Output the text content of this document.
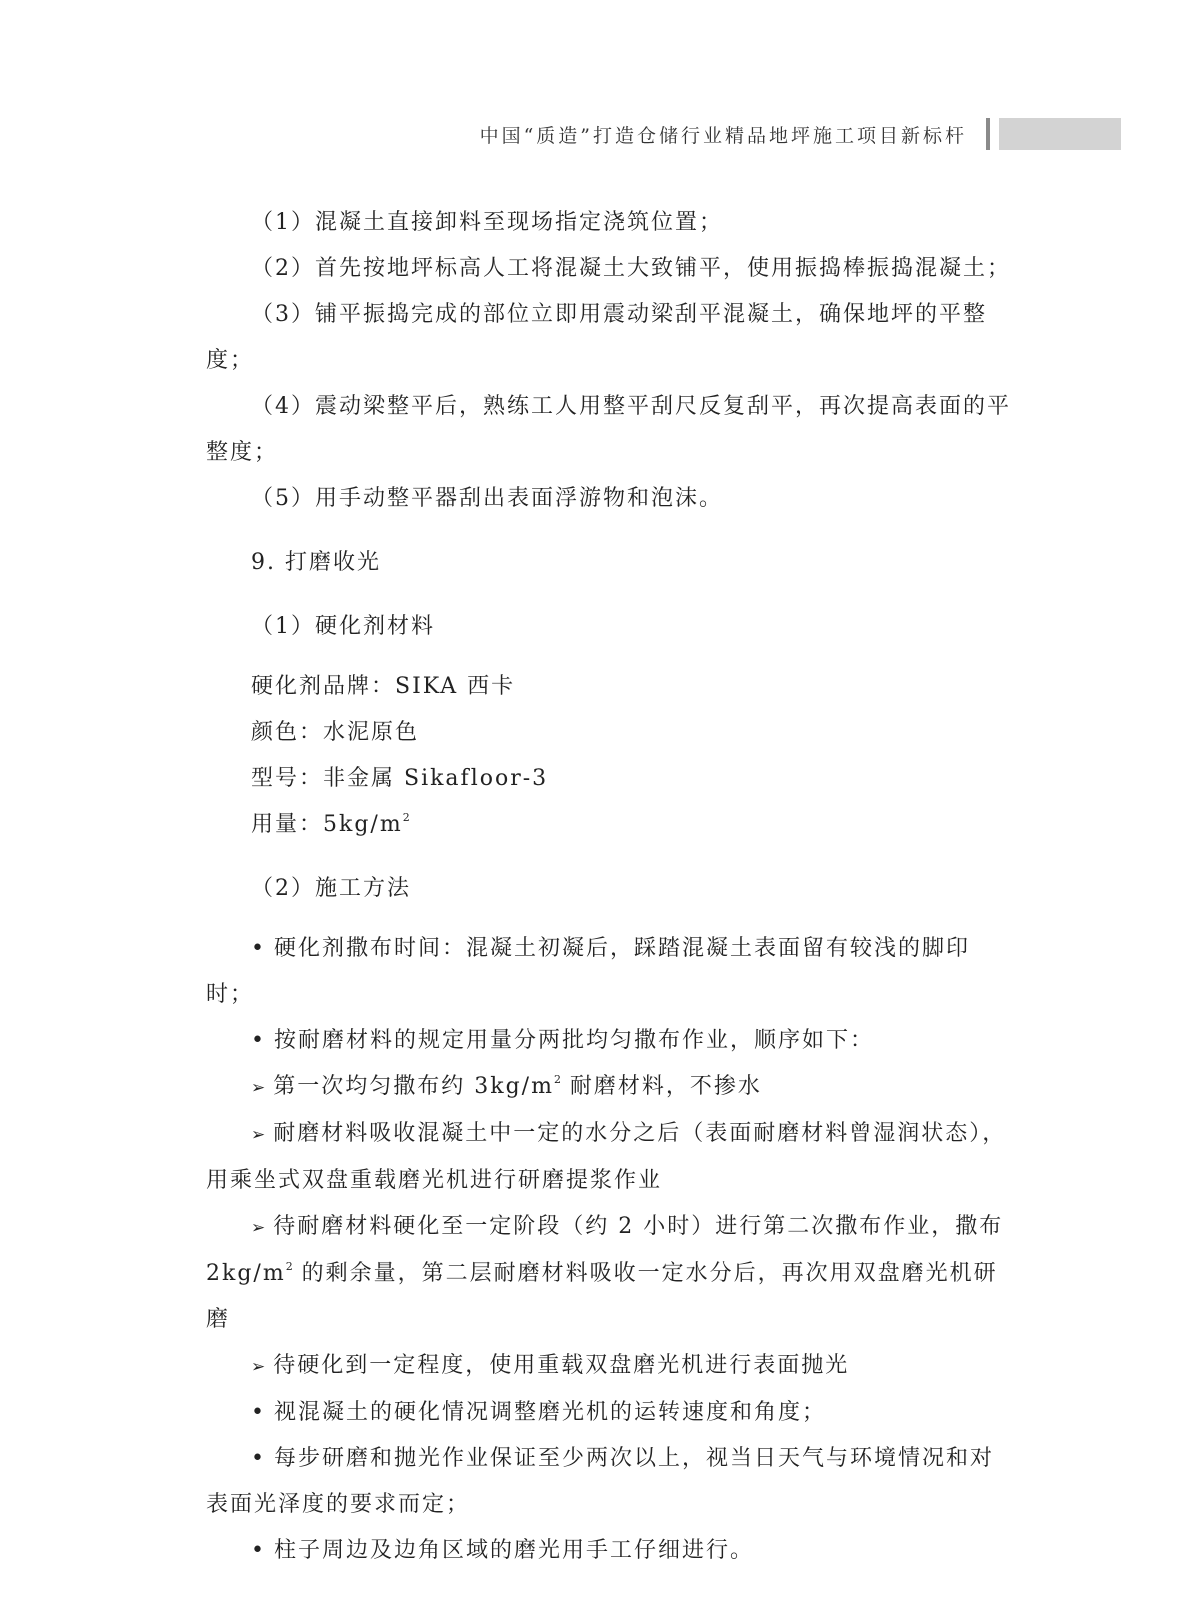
中国“质造”打造仓储行业精品地坪施工项目新标杆

（1）混凝土直接卸料至现场指定浇筑位置；

（2）首先按地坪标高人工将混凝土大致铺平，使用振捣棒振捣混凝土；

（3）铺平振捣完成的部位立即用震动梁刮平混凝土，确保地坪的平整度；

（4）震动梁整平后，熟练工人用整平刮尺反复刮平，再次提高表面的平整度；

（5）用手动整平器刮出表面浮游物和泡沫。

9. 打磨收光

（1）硬化剂材料

硬化剂品牌：SIKA 西卡

颜色：水泥原色

型号：非金属 Sikafloor-3

用量：$5kg/m^2$

（2）施工方法

• 硬化剂撒布时间：混凝土初凝后，踩踏混凝土表面留有较浅的脚印时；

• 按耐磨材料的规定用量分两批均匀撒布作业，顺序如下：

➢ 第一次均匀撒布约 $3kg/m^2$ 耐磨材料，不掺水

➢ 耐磨材料吸收混凝土中一定的水分之后（表面耐磨材料曾湿润状态），用乘坐式双盘重载磨光机进行研磨提浆作业

➢ 待耐磨材料硬化至一定阶段（约 2 小时）进行第二次撒布作业，撒布 $2kg/m^2$ 的剩余量，第二层耐磨材料吸收一定水分后，再次用双盘磨光机研磨

➢ 待硬化到一定程度，使用重载双盘磨光机进行表面抛光

• 视混凝土的硬化情况调整磨光机的运转速度和角度；

• 每步研磨和抛光作业保证至少两次以上，视当日天气与环境情况和对表面光泽度的要求而定；

• 柱子周边及边角区域的磨光用手工仔细进行。
